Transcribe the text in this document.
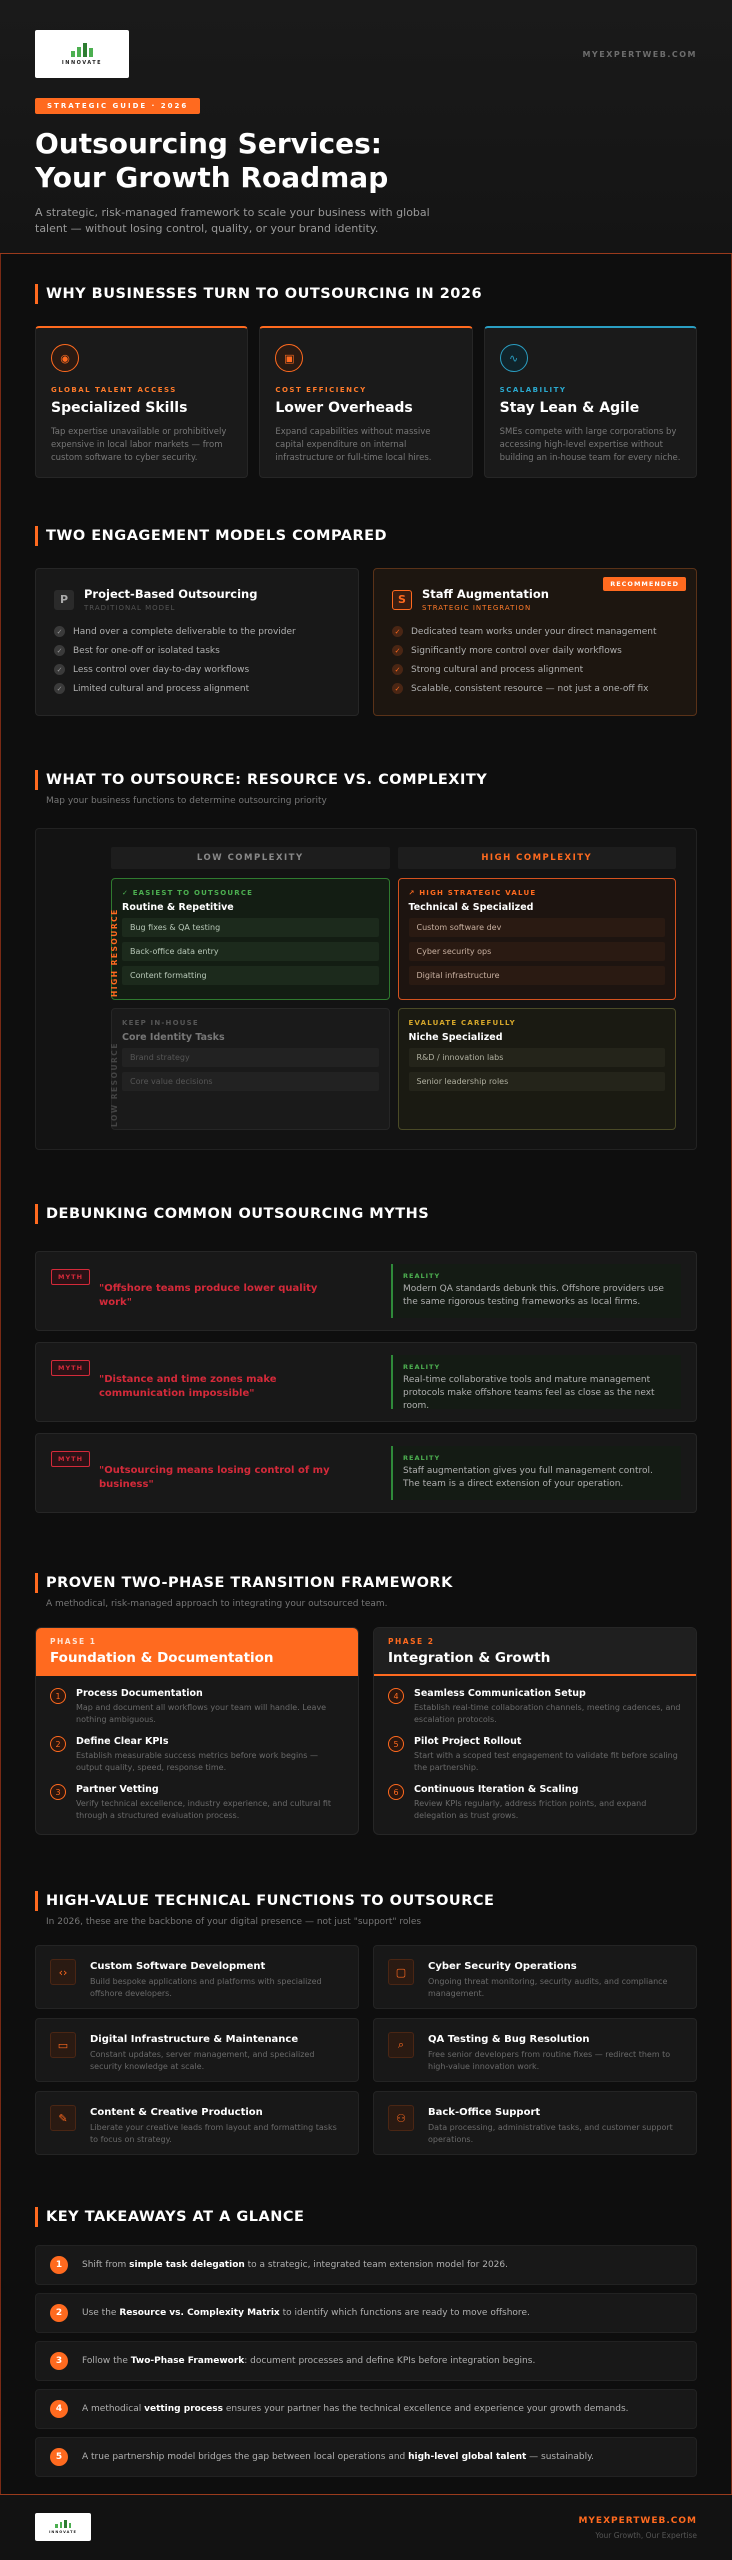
INNOVATE
MYEXPERTWEB.COM
STRATEGIC GUIDE · 2026
Outsourcing Services:
Your Growth Roadmap

A strategic, risk-managed framework to scale your business with global talent — without losing control, quality, or your brand identity.

WHY BUSINESSES TURN TO OUTSOURCING IN 2026
◉
GLOBAL TALENT ACCESS
Specialized Skills
Tap expertise unavailable or prohibitively expensive in local labor markets — from custom software to cyber security.
▣
COST EFFICIENCY
Lower Overheads
Expand capabilities without massive capital expenditure on internal infrastructure or full-time local hires.
∿
SCALABILITY
Stay Lean & Agile
SMEs compete with large corporations by accessing high-level expertise without building an in-house team for every niche.
TWO ENGAGEMENT MODELS COMPARED
P	Project-Based Outsourcing
TRADITIONAL MODEL
✓ Hand over a complete deliverable to the provider
✓ Best for one-off or isolated tasks
✓ Less control over day-to-day workflows
✓ Limited cultural and process alignment
RECOMMENDED
S	Staff Augmentation
STRATEGIC INTEGRATION
✓ Dedicated team works under your direct management
✓ Significantly more control over daily workflows
✓ Strong cultural and process alignment
✓ Scalable, consistent resource — not just a one-off fix
WHAT TO OUTSOURCE: RESOURCE VS. COMPLEXITY
Map your business functions to determine outsourcing priority
HIGH RESOURCE
LOW RESOURCE
LOW COMPLEXITY	HIGH COMPLEXITY
✓ EASIEST TO OUTSOURCE
Routine & Repetitive
Bug fixes & QA testing
Back-office data entry
Content formatting
↗ HIGH STRATEGIC VALUE
Technical & Specialized
Custom software dev
Cyber security ops
Digital infrastructure
KEEP IN-HOUSE
Core Identity Tasks
Brand strategy
Core value decisions
EVALUATE CAREFULLY
Niche Specialized
R&D / innovation labs
Senior leadership roles
DEBUNKING COMMON OUTSOURCING MYTHS
MYTH
"Offshore teams produce lower quality work"
REALITY
Modern QA standards debunk this. Offshore providers use the same rigorous testing frameworks as local firms.
MYTH
"Distance and time zones make communication impossible"
REALITY
Real-time collaborative tools and mature management protocols make offshore teams feel as close as the next room.
MYTH
"Outsourcing means losing control of my business"
REALITY
Staff augmentation gives you full management control. The team is a direct extension of your operation.
PROVEN TWO-PHASE TRANSITION FRAMEWORK
A methodical, risk-managed approach to integrating your outsourced team.
PHASE 1
Foundation & Documentation
1	Process Documentation
Map and document all workflows your team will handle. Leave nothing ambiguous.
2	Define Clear KPIs
Establish measurable success metrics before work begins — output quality, speed, response time.
3	Partner Vetting
Verify technical excellence, industry experience, and cultural fit through a structured evaluation process.
PHASE 2
Integration & Growth
4	Seamless Communication Setup
Establish real-time collaboration channels, meeting cadences, and escalation protocols.
5	Pilot Project Rollout
Start with a scoped test engagement to validate fit before scaling the partnership.
6	Continuous Iteration & Scaling
Review KPIs regularly, address friction points, and expand delegation as trust grows.
HIGH-VALUE TECHNICAL FUNCTIONS TO OUTSOURCE
In 2026, these are the backbone of your digital presence — not just "support" roles
‹›	Custom Software Development
Build bespoke applications and platforms with specialized offshore developers.
▢	Cyber Security Operations
Ongoing threat monitoring, security audits, and compliance management.
▭	Digital Infrastructure & Maintenance
Constant updates, server management, and specialized security knowledge at scale.
⌕	QA Testing & Bug Resolution
Free senior developers from routine fixes — redirect them to high-value innovation work.
✎	Content & Creative Production
Liberate your creative leads from layout and formatting tasks to focus on strategy.
⚇	Back-Office Support
Data processing, administrative tasks, and customer support operations.
KEY TAKEAWAYS AT A GLANCE
1	Shift from simple task delegation to a strategic, integrated team extension model for 2026.
2	Use the Resource vs. Complexity Matrix to identify which functions are ready to move offshore.
3	Follow the Two-Phase Framework: document processes and define KPIs before integration begins.
4	A methodical vetting process ensures your partner has the technical excellence and experience your growth demands.
5	A true partnership model bridges the gap between local operations and high-level global talent — sustainably.
INNOVATE
MYEXPERTWEB.COM
Your Growth, Our Expertise
